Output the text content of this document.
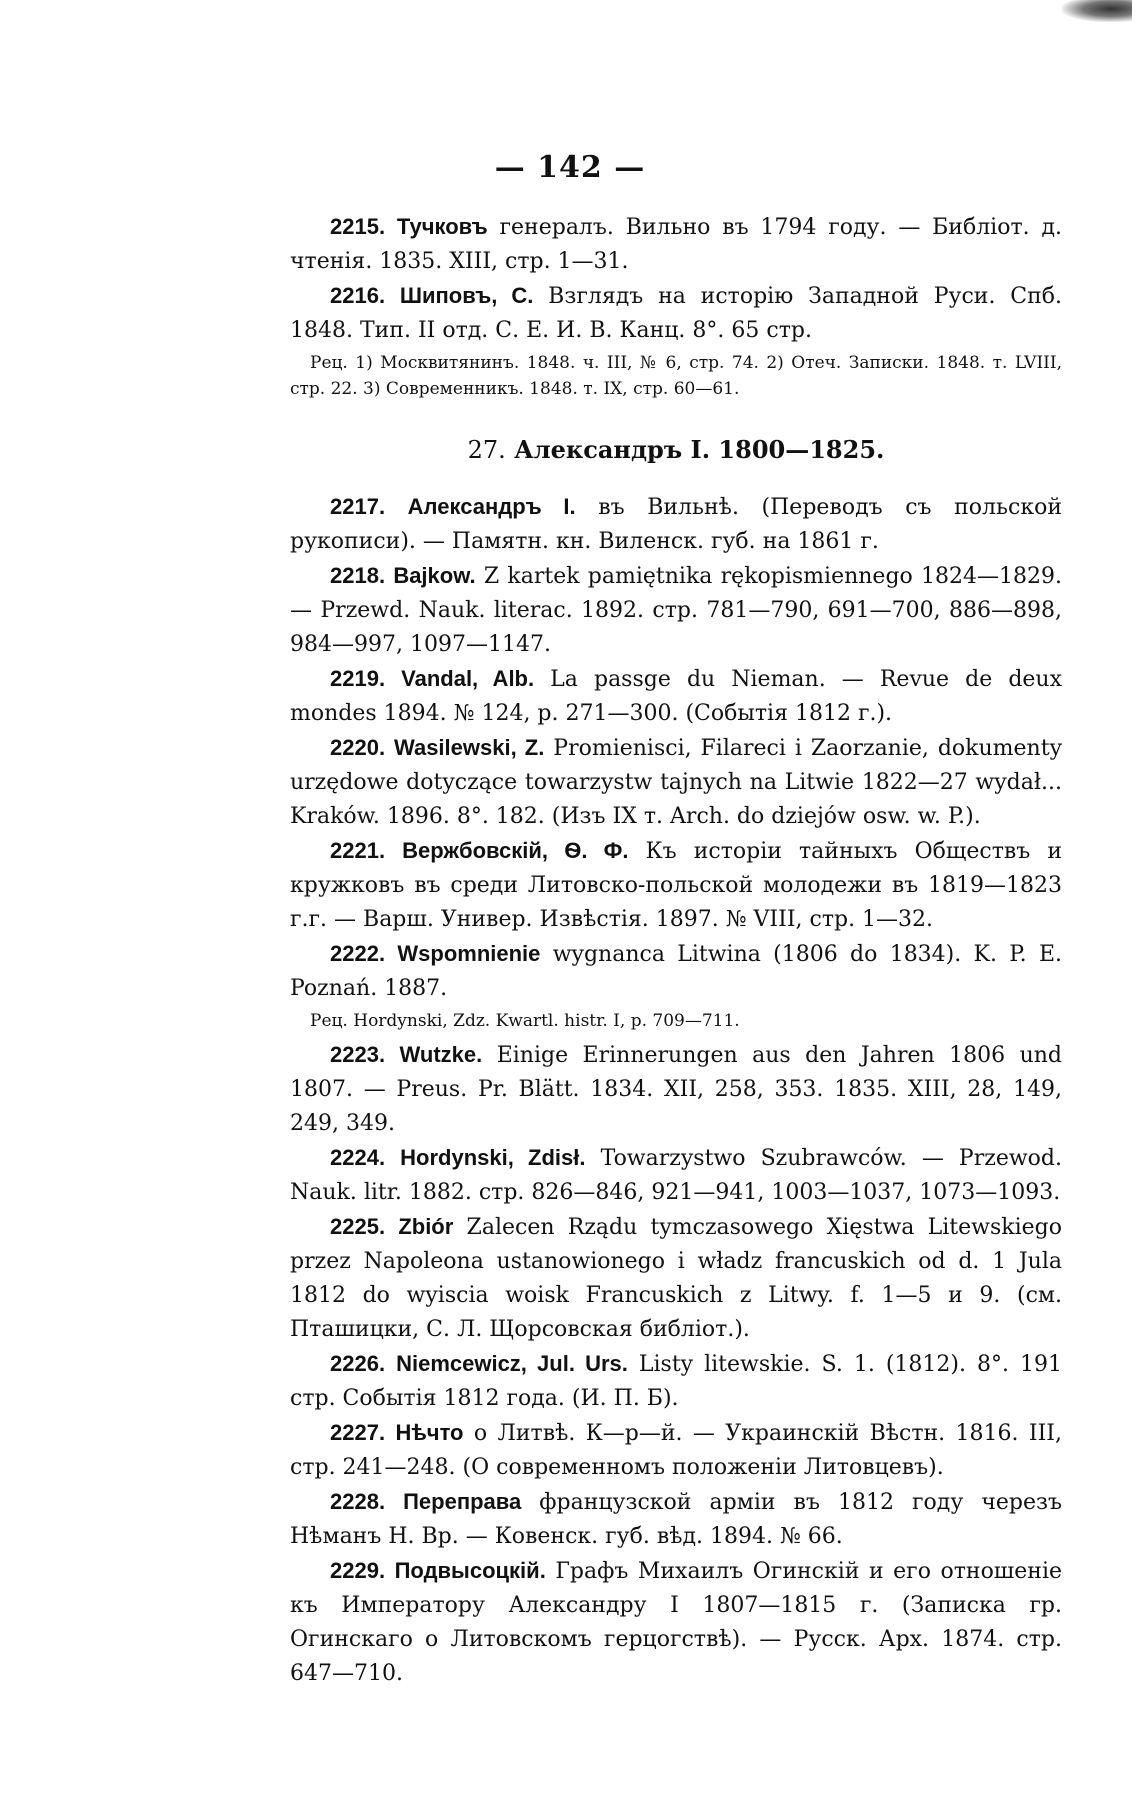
— 142 —

2215. Тучковъ генералъ. Вильно въ 1794 году. — Библіот. д. чтенія. 1835. XIII, стр. 1—31.

2216. Шиповъ, С. Взглядъ на исторію Западной Руси. Спб. 1848. Тип. II отд. С. Е. И. В. Канц. 8°. 65 стр.

Рец. 1) Москвитянинъ. 1848. ч. III, № 6, стр. 74. 2) Отеч. Записки. 1848. т. LVIII, стр. 22. 3) Современникъ. 1848. т. IX, стр. 60—61.

27. Александръ I. 1800—1825.

2217. Александръ I. въ Вильнѣ. (Переводъ съ польской рукописи). — Памятн. кн. Виленск. губ. на 1861 г.

2218. Bajkow. Z kartek pamiętnika rękopismiennego 1824—1829. — Przewd. Nauk. literac. 1892. стр. 781—790, 691—700, 886—898, 984—997, 1097—1147.

2219. Vandal, Alb. La passge du Nieman. — Revue de deux mondes 1894. № 124, p. 271—300. (Событія 1812 г.).

2220. Wasilewski, Z. Promienisci, Filareci i Zaorzanie, dokumenty urzędowe dotyczące towarzystw tajnych na Litwie 1822—27 wydał... Kraków. 1896. 8°. 182. (Изъ IX т. Arch. do dziejów osw. w. P.).

2221. Вержбовскій, Ѳ. Ф. Къ исторіи тайныхъ Обществъ и кружковъ въ среди Литовско-польской молодежи въ 1819—1823 г.г. — Варш. Универ. Извѣстія. 1897. № VIII, стр. 1—32.

2222. Wspomnienie wygnanca Litwina (1806 do 1834). K. P. E. Poznań. 1887.

Рец. Hordynski, Zdz. Kwartl. histr. I, p. 709—711.

2223. Wutzke. Einige Erinnerungen aus den Jahren 1806 und 1807. — Preus. Pr. Blätt. 1834. XII, 258, 353. 1835. XIII, 28, 149, 249, 349.

2224. Hordynski, Zdisł. Towarzystwo Szubrawców. — Przewod. Nauk. litr. 1882. стр. 826—846, 921—941, 1003—1037, 1073—1093.

2225. Zbiór Zalecen Rządu tymczasowego Xięstwa Litewskiego przez Napoleona ustanowionego i władz francuskich od d. 1 Jula 1812 do wyiscia woisk Francuskich z Litwy. f. 1—5 и 9. (см. Пташицки, С. Л. Щорсовская библіот.).

2226. Niemcewicz, Jul. Urs. Listy litewskie. S. 1. (1812). 8°. 191 стр. Событія 1812 года. (И. П. Б).

2227. Нѣчто о Литвѣ. К—р—й. — Украинскій Вѣстн. 1816. III, стр. 241—248. (О современномъ положеніи Литовцевъ).

2228. Переправа французской арміи въ 1812 году черезъ Нѣманъ Н. Вр. — Ковенск. губ. вѣд. 1894. № 66.

2229. Подвысоцкій. Графъ Михаилъ Огинскій и его отношеніе къ Императору Александру I 1807—1815 г. (Записка гр. Огинскаго о Литовскомъ герцогствѣ). — Русск. Арх. 1874. стр. 647—710.
